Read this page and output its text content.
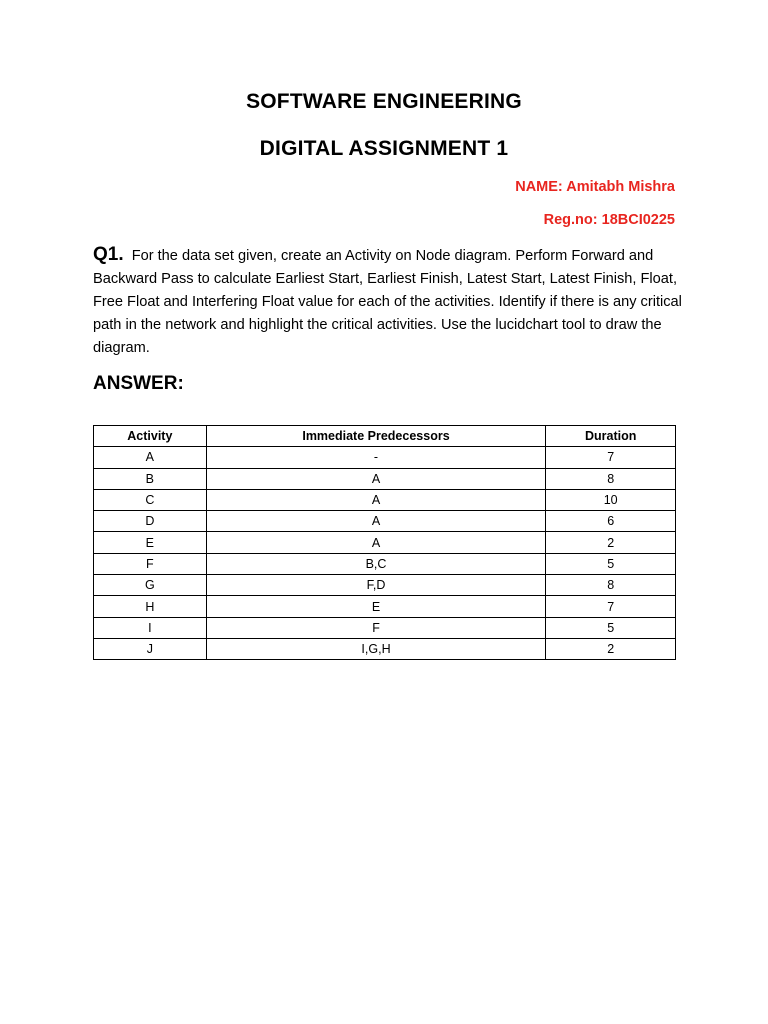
SOFTWARE ENGINEERING
DIGITAL ASSIGNMENT 1
NAME: Amitabh Mishra
Reg.no: 18BCI0225
Q1. For the data set given, create an Activity on Node diagram. Perform Forward and Backward Pass to calculate Earliest Start, Earliest Finish, Latest Start, Latest Finish, Float, Free Float and Interfering Float value for each of the activities. Identify if there is any critical path in the network and highlight the critical activities. Use the lucidchart tool to draw the diagram.
ANSWER:
Activity	Immediate Predecessors	Duration
A	-	7
B	A	8
C	A	10
D	A	6
E	A	2
F	B,C	5
G	F,D	8
H	E	7
I	F	5
J	I,G,H	2
